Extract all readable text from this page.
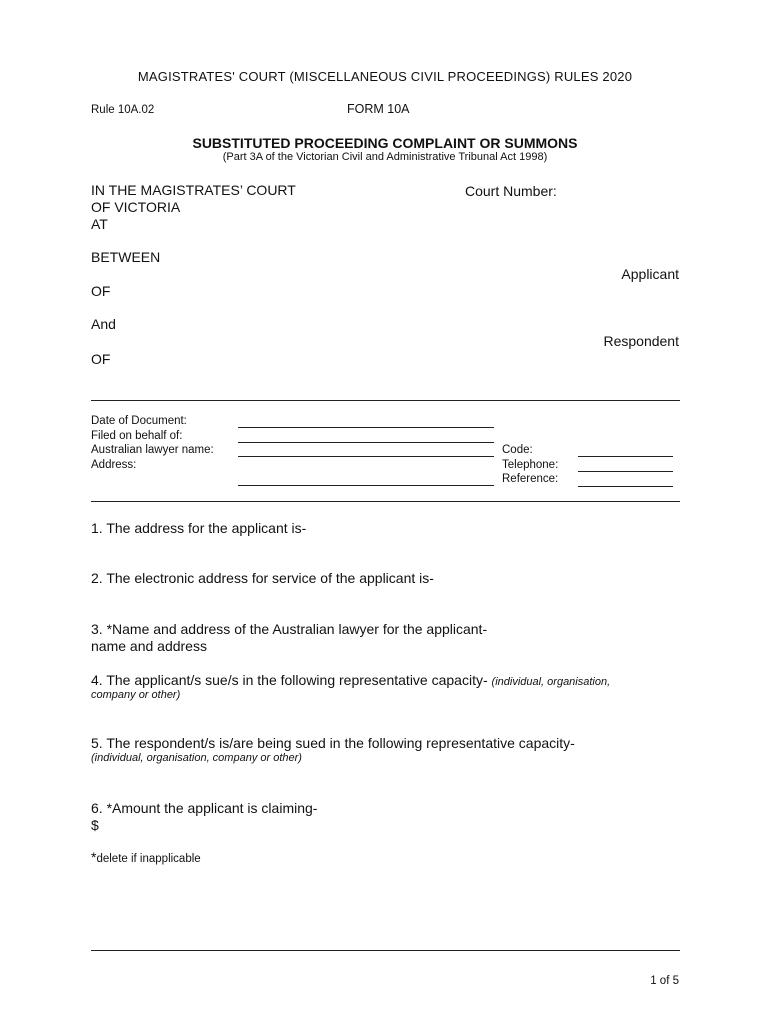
MAGISTRATES' COURT (MISCELLANEOUS CIVIL PROCEEDINGS) RULES 2020
Rule 10A.02	FORM 10A
SUBSTITUTED PROCEEDING COMPLAINT OR SUMMONS
(Part 3A of the Victorian Civil and Administrative Tribunal Act 1998)
IN THE MAGISTRATES’ COURT
OF VICTORIA
AT
Court Number:
BETWEEN
Applicant
OF
And
Respondent
OF
Date of Document:
Filed on behalf of:
Australian lawyer name:
Address:
Code:
Telephone:
Reference:
1. The address for the applicant is-
2. The electronic address for service of the applicant is-
3. *Name and address of the Australian lawyer for the applicant-
name and address
4. The applicant/s sue/s in the following representative capacity- (individual, organisation,
company or other)
5. The respondent/s is/are being sued in the following representative capacity-
(individual, organisation, company or other)
6. *Amount the applicant is claiming-
$
*delete if inapplicable
1 of 5
